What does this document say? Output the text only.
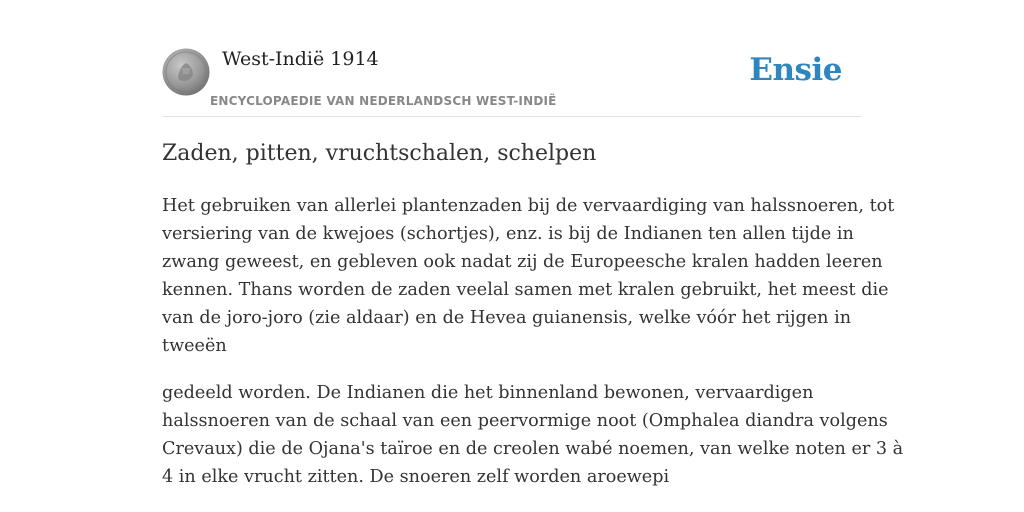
West-Indië 1914
ENCYCLOPAEDIE VAN NEDERLANDSCH WEST-INDIË
Ensie
Zaden, pitten, vruchtschalen, schelpen

Het gebruiken van allerlei plantenzaden bij de vervaardiging van halssnoeren, tot
versiering van de kwejoes (schortjes), enz. is bij de Indianen ten allen tijde in
zwang geweest, en gebleven ook nadat zij de Europeesche kralen hadden leeren
kennen. Thans worden de zaden veelal samen met kralen gebruikt, het meest die
van de joro-joro (zie aldaar) en de Hevea guianensis, welke vóór het rijgen in
tweeën

gedeeld worden. De Indianen die het binnenland bewonen, vervaardigen
halssnoeren van de schaal van een peervormige noot (Omphalea diandra volgens
Crevaux) die de Ojana's taïroe en de creolen wabé noemen, van welke noten er 3 à
4 in elke vrucht zitten. De snoeren zelf worden aroewepi
